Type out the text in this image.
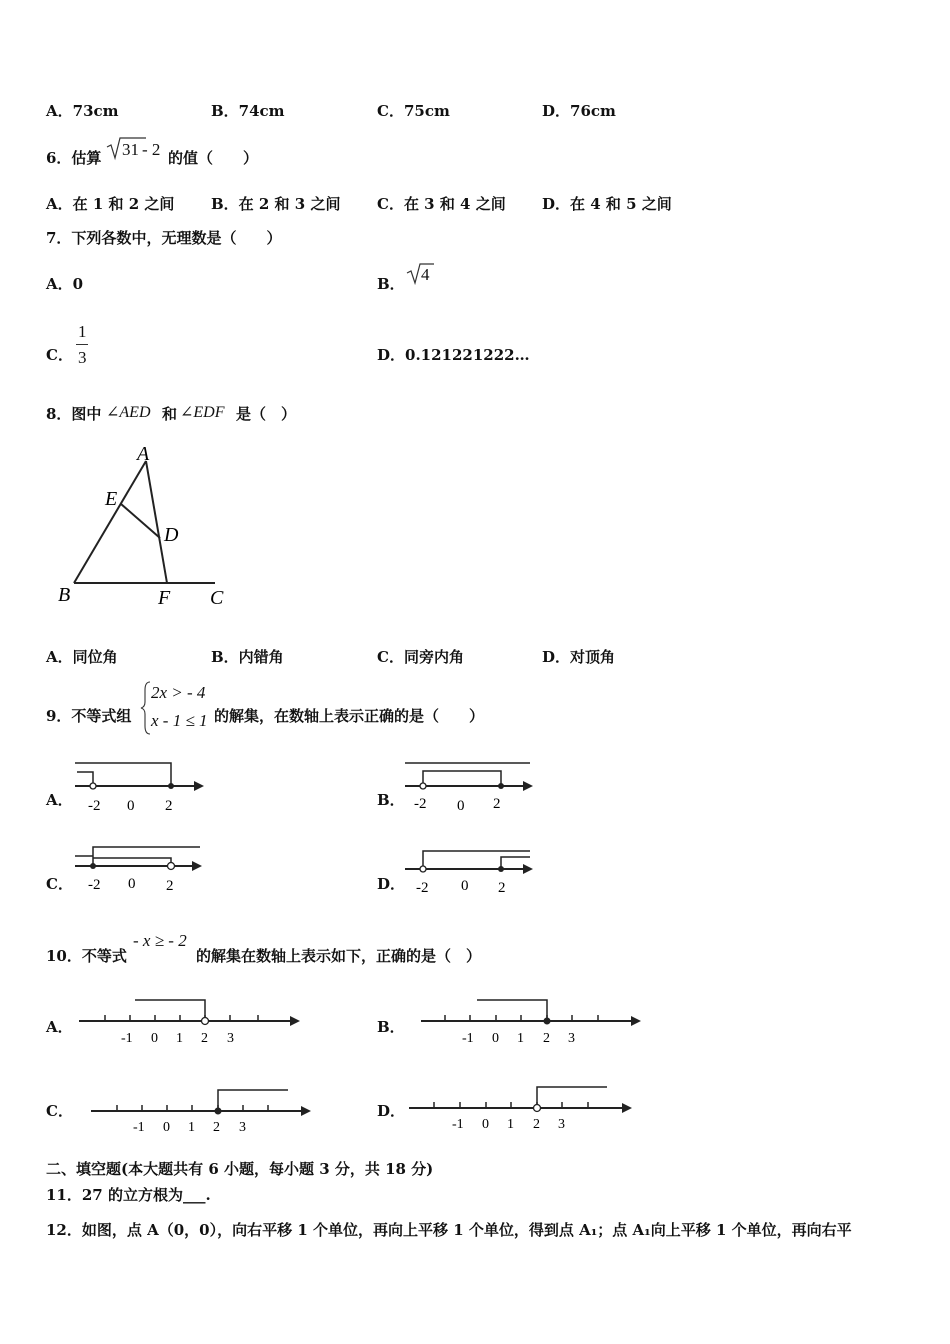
A．73cm	B．74cm	C．75cm	D．76cm
6．估算 31 - 2 的值（　　）
A．在 1 和 2 之间 B．在 2 和 3 之间 C．在 3 和 4 之间 D．在 4 和 5 之间
7．下列各数中，无理数是（　　）
A．0	B． 4
C．
1
3	D．0.121221222…
8．图中 ∠AED 和 ∠EDF 是（　）
A
E
D
B	F C
A．同位角	B．内错角	C．同旁内角	D．对顶角
9．不等式组
2x > - 4
x - 1 ≤ 1 的解集，在数轴上表示正确的是（　　）
A．	B．
C．	D．
-2 0 2	-2 0 2
-2 0 2	-2 0 2
10．不等式
- x ≥ - 2
的解集在数轴上表示如下，正确的是（　）
A．	B．
C．	D．
-1 0 1 2 3	-1 0 1 2 3
-1 0 1 2 3	-1 0 1 2 3
二、填空题(本大题共有 6 小题，每小题 3 分，共 18 分)
11．27 的立方根为___.
12．如图，点 A（0，0），向右平移 1 个单位，再向上平移 1 个单位，得到点 A₁；点 A₁向上平移 1 个单位，再向右平
